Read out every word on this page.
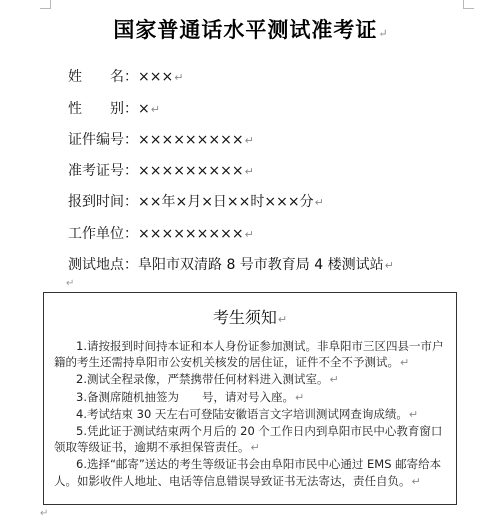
国家普通话水平测试准考证↵
姓　　名：×××↵
性　　别：×↵
证件编号：×××××××××↵
准考证号：×××××××××↵
报到时间：××年×月×日××时×××分↵
工作单位：×××××××××↵
测试地点：阜阳市双清路 8 号市教育局 4 楼测试站↵
↵
考生须知↵

1.请按报到时间持本证和本人身份证参加测试。非阜阳市三区四县一市户籍的考生还需持阜阳市公安机关核发的居住证，证件不全不予测试。↵

2.测试全程录像，严禁携带任何材料进入测试室。↵

3.备测席随机抽签为　　号，请对号入座。↵

4.考试结束 30 天左右可登陆安徽语言文字培训测试网查询成绩。↵

5.凭此证于测试结束两个月后的 20 个工作日内到阜阳市民中心教育窗口领取等级证书，逾期不承担保管责任。↵

6.选择“邮寄”送达的考生等级证书会由阜阳市民中心通过 EMS 邮寄给本人。如影收件人地址、电话等信息错误导致证书无法寄达，责任自负。↵

↵
